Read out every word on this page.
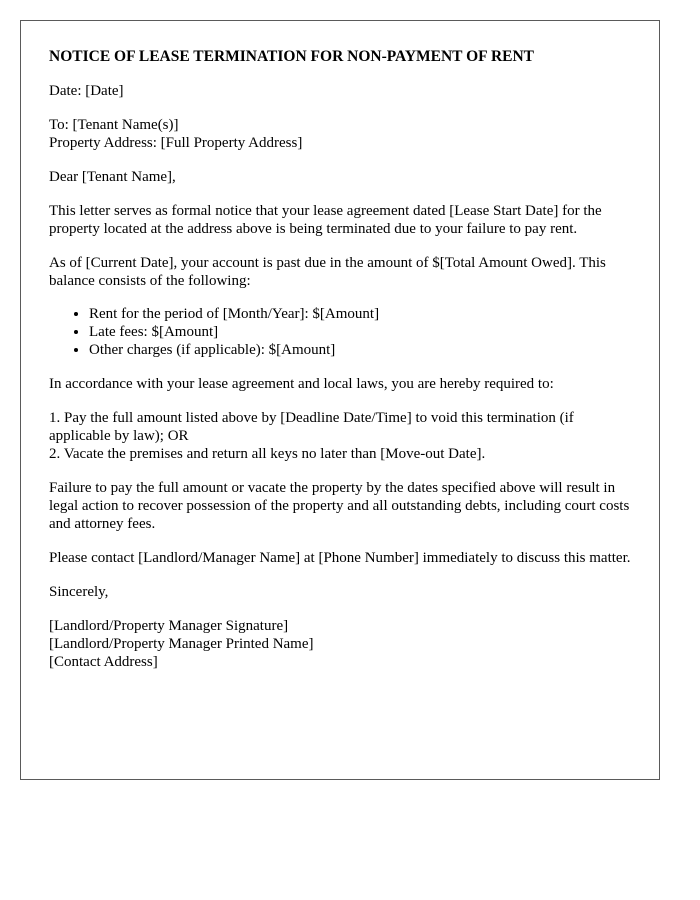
NOTICE OF LEASE TERMINATION FOR NON-PAYMENT OF RENT

Date: [Date]

To: [Tenant Name(s)]
Property Address: [Full Property Address]

Dear [Tenant Name],

This letter serves as formal notice that your lease agreement dated [Lease Start Date] for the property located at the address above is being terminated due to your failure to pay rent.

As of [Current Date], your account is past due in the amount of $[Total Amount Owed]. This balance consists of the following:

• Rent for the period of [Month/Year]: $[Amount]
• Late fees: $[Amount]
• Other charges (if applicable): $[Amount]

In accordance with your lease agreement and local laws, you are hereby required to:

1. Pay the full amount listed above by [Deadline Date/Time] to void this termination (if applicable by law); OR
2. Vacate the premises and return all keys no later than [Move-out Date].

Failure to pay the full amount or vacate the property by the dates specified above will result in legal action to recover possession of the property and all outstanding debts, including court costs and attorney fees.

Please contact [Landlord/Manager Name] at [Phone Number] immediately to discuss this matter.

Sincerely,

[Landlord/Property Manager Signature]
[Landlord/Property Manager Printed Name]
[Contact Address]
